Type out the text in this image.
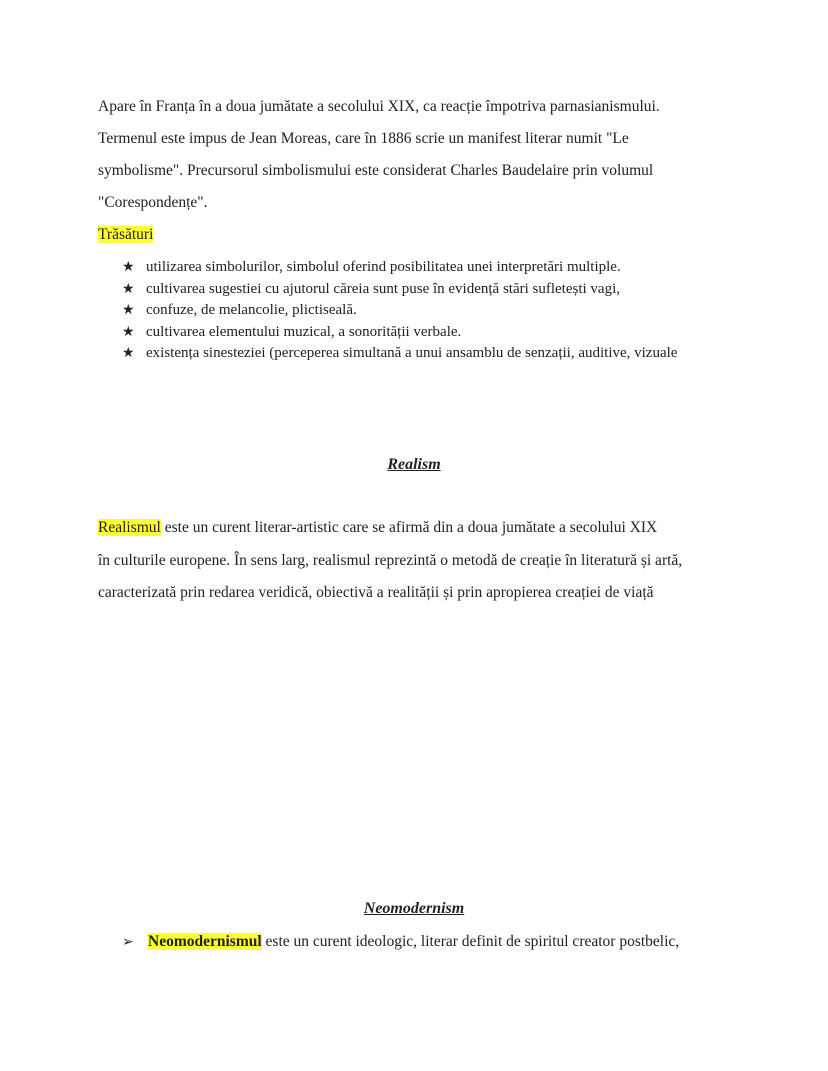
Apare în Franța în a doua jumătate a secolului XIX, ca reacție împotriva parnasianismului.
Termenul este impus de Jean Moreas, care în 1886 scrie un manifest literar numit "Le
symbolisme". Precursorul simbolismului este considerat Charles Baudelaire prin volumul
"Corespondențe".
Trăsături
★ utilizarea simbolurilor, simbolul oferind posibilitatea unei interpretări multiple.
★ cultivarea sugestiei cu ajutorul căreia sunt puse în evidență stări sufletești vagi,
★ confuze, de melancolie, plictiseală.
★ cultivarea elementului muzical, a sonorității verbale.
★ existența sinesteziei (perceperea simultană a unui ansamblu de senzații, auditive, vizuale
Realism
Realismul este un curent literar-artistic care se afirmă din a doua jumătate a secolului XIX
în culturile europene. În sens larg, realismul reprezintă o metodă de creație în literatură și artă,
caracterizată prin redarea veridică, obiectivă a realității și prin apropierea creației de viață
Neomodernism
➢ Neomodernismul este un curent ideologic, literar definit de spiritul creator postbelic,
